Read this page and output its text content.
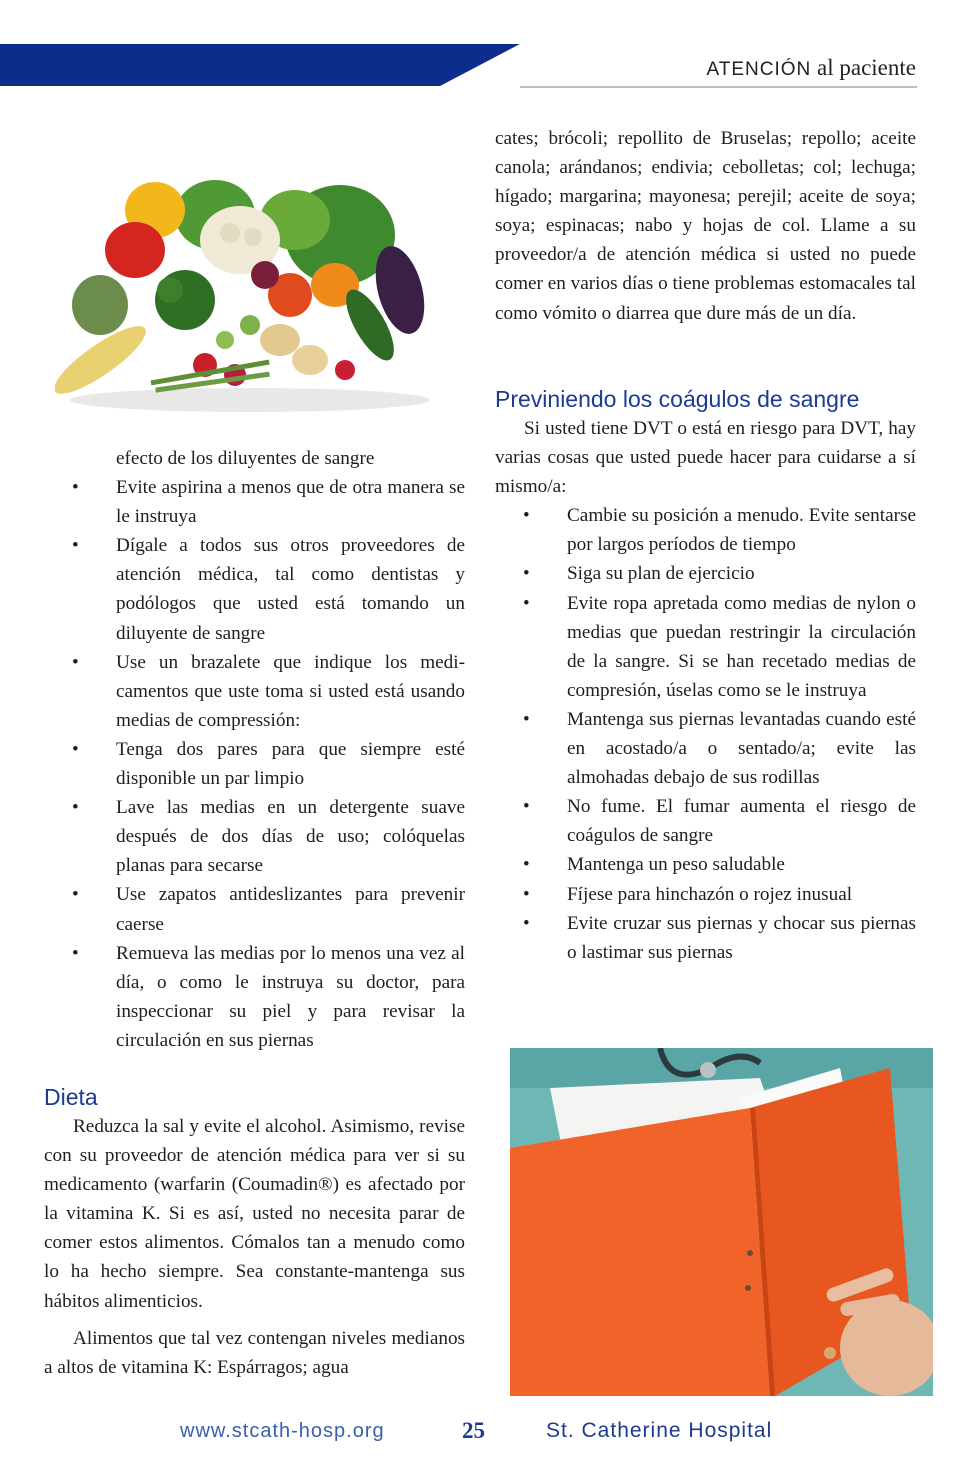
ATENCIÓN al paciente

cates; brócoli; repollito de Bruselas; repollo; aceite canola; arándanos; endivia; cebolletas; col; lechuga; hígado; margarina; mayonesa; perejil; aceite de soya; soya; espinacas; nabo y hojas de col. Llame a su proveedor/a de atención médica si usted no puede comer en varios días o tiene problemas estomacales tal como vómito o diarrea que dure más de un día.

Previniendo los coágulos de sangre

Si usted tiene DVT o está en riesgo para DVT, hay varias cosas que usted puede hacer para cuidarse a sí mismo/a:

• Cambie su posición a menudo. Evite sentarse por largos períodos de tiempo
• Siga su plan de ejercicio
• Evite ropa apretada como medias de nylon o medias que puedan restringir la circulación de la sangre. Si se han recetado medias de compresión, úselas como se le instruya
• Mantenga sus piernas levantadas cuando esté en acostado/a o sentado/a; evite las almohadas debajo de sus rodillas
• No fume. El fumar aumenta el riesgo de coágulos de sangre
• Mantenga un peso saludable
• Fíjese para hinchazón o rojez inusual
• Evite cruzar sus piernas y chocar sus piernas o lastimar sus piernas

efecto de los diluyentes de sangre

• Evite aspirina a menos que de otra manera se le instruya
• Dígale a todos sus otros proveedores de atención médica, tal como dentistas y podólogos que usted está tomando un diluyente de sangre
• Use un brazalete que indique los medicamentos que uste toma si usted está usando medias de compressión:
• Tenga dos pares para que siempre esté disponible un par limpio
• Lave las medias en un detergente suave después de dos días de uso; colóquelas planas para secarse
• Use zapatos antideslizantes para prevenir caerse
• Remueva las medias por lo menos una vez al día, o como le instruya su doctor, para inspeccionar su piel y para revisar la circulación en sus piernas
Dieta

Reduzca la sal y evite el alcohol. Asimismo, revise con su proveedor de atención médica para ver si su medicamento (warfarin (Coumadin®) es afectado por la vitamina K. Si es así, usted no necesita parar de comer estos alimentos. Cómalos tan a menudo como lo ha hecho siempre. Sea constante-mantenga sus hábitos alimenticios.

Alimentos que tal vez contengan niveles medianos a altos de vitamina K: Espárragos; agua

www.stcath-hosp.org	25	St. Catherine Hospital
